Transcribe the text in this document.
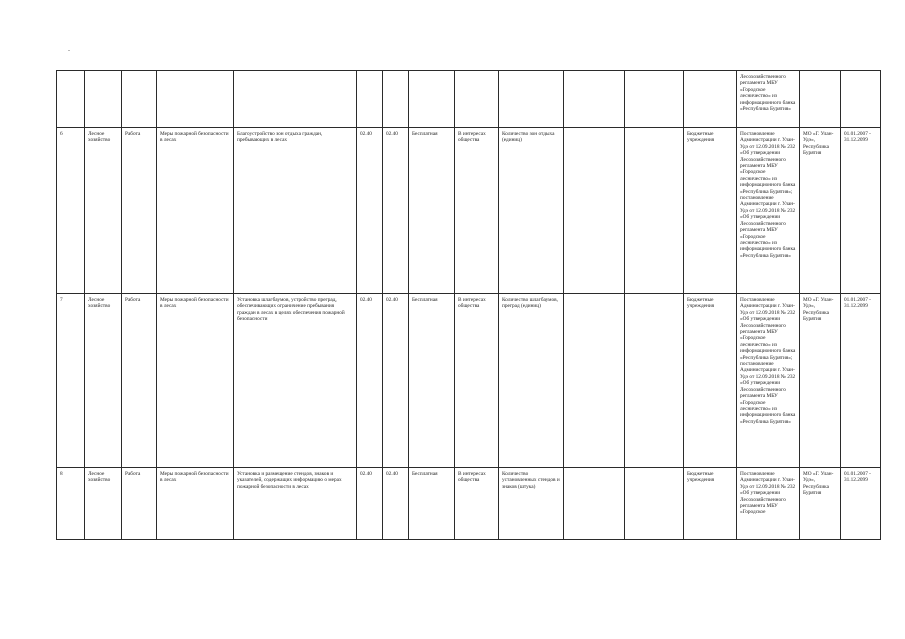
													Лесохозяйственного регламента МБУ «Городское лесничество» из информационного банка «Республика Бурятия»		
6	Лесное хозяйство	Работа	Меры пожарной безопасности в лесах	Благоустройство зон отдыха граждан, пребывающих в лесах	02.40	02.40	Бесплатная	В интересах общества	Количество зон отдыха (единиц)			Бюджетные учреждения	Постановление Администрации г. Улан-Удэ от 12.09.2018 № 232 «Об утверждении Лесохозяйственного регламента МБУ «Городское лесничество» из информационного банка «Республика Бурятия»; постановление Администрации г. Улан-Удэ от 12.09.2018 № 232 «Об утверждении Лесохозяйственного регламента МБУ «Городское лесничество» из информационного банка «Республика Бурятия»	МО «Г. Улан-Удэ», Республика Бурятия	01.01.2007 - 31.12.2099
7	Лесное хозяйство	Работа	Меры пожарной безопасности в лесах	Установка шлагбаумов, устройство преград, обеспечивающих ограничение пребывания граждан в лесах в целях обеспечения пожарной безопасности	02.40	02.40	Бесплатная	В интересах общества	Количество шлагбаумов, преград (единиц)			Бюджетные учреждения	Постановление Администрации г. Улан-Удэ от 12.09.2018 № 232 «Об утверждении Лесохозяйственного регламента МБУ «Городское лесничество» из информационного банка «Республика Бурятия»; постановление Администрации г. Улан-Удэ от 12.09.2018 № 232 «Об утверждении Лесохозяйственного регламента МБУ «Городское лесничество» из информационного банка «Республика Бурятия»	МО «Г. Улан-Удэ», Республика Бурятия	01.01.2007 - 31.12.2099
8	Лесное хозяйство	Работа	Меры пожарной безопасности в лесах	Установка и размещение стендов, знаков и указателей, содержащих информацию о мерах пожарной безопасности в лесах	02.40	02.40	Бесплатная	В интересах общества	Количество установленных стендов и знаков (штука)			Бюджетные учреждения	Постановление Администрации г. Улан-Удэ от 12.09.2018 № 232 «Об утверждении Лесохозяйственного регламента МБУ «Городское	МО «Г. Улан-Удэ», Республика Бурятия	01.01.2007 - 31.12.2099
